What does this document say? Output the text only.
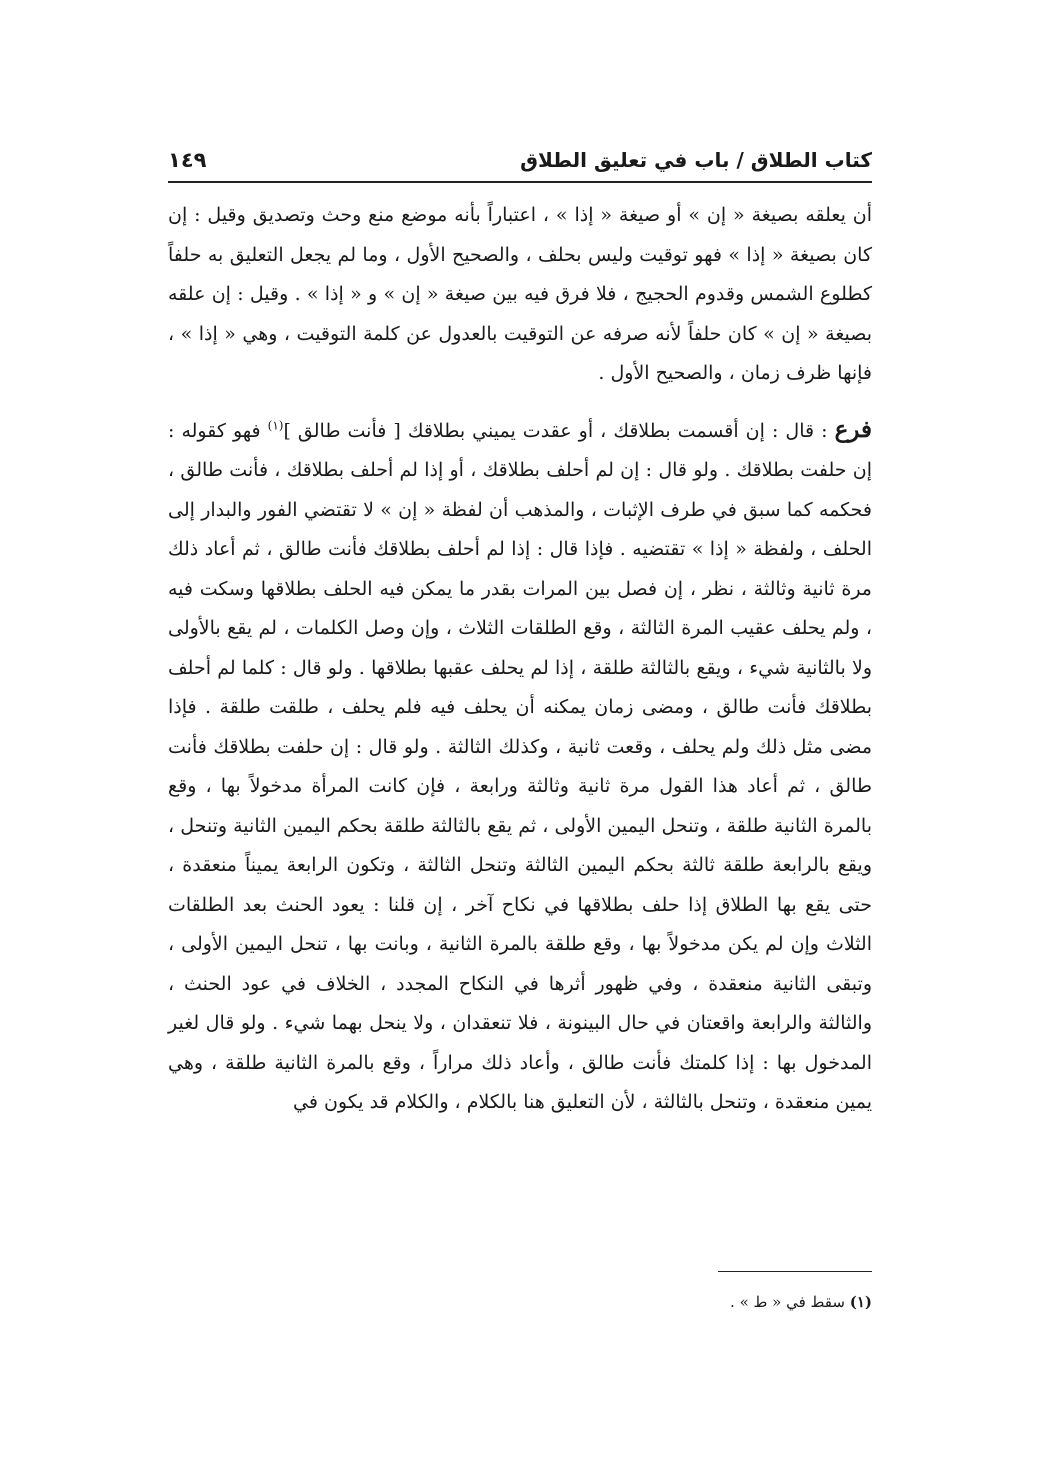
كتاب الطلاق / باب في تعليق الطلاق
١٤٩

أن يعلقه بصيغة « إن » أو صيغة « إذا » ، اعتباراً بأنه موضع منع وحث وتصديق وقيل : إن كان بصيغة « إذا » فهو توقيت وليس بحلف ، والصحيح الأول ، وما لم يجعل التعليق به حلفاً كطلوع الشمس وقدوم الحجيج ، فلا فرق فيه بين صيغة « إن » و « إذا » . وقيل : إن علقه بصيغة « إن » كان حلفاً لأنه صرفه عن التوقيت بالعدول عن كلمة التوقيت ، وهي « إذا » ، فإنها ظرف زمان ، والصحيح الأول .

فرع : قال : إن أقسمت بطلاقك ، أو عقدت يميني بطلاقك [ فأنت طالق ]$^{(١)}$ فهو كقوله : إن حلفت بطلاقك . ولو قال : إن لم أحلف بطلاقك ، أو إذا لم أحلف بطلاقك ، فأنت طالق ، فحكمه كما سبق في طرف الإثبات ، والمذهب أن لفظة « إن » لا تقتضي الفور والبدار إلى الحلف ، ولفظة « إذا » تقتضيه . فإذا قال : إذا لم أحلف بطلاقك فأنت طالق ، ثم أعاد ذلك مرة ثانية وثالثة ، نظر ، إن فصل بين المرات بقدر ما يمكن فيه الحلف بطلاقها وسكت فيه ، ولم يحلف عقيب المرة الثالثة ، وقع الطلقات الثلاث ، وإن وصل الكلمات ، لم يقع بالأولى ولا بالثانية شيء ، ويقع بالثالثة طلقة ، إذا لم يحلف عقبها بطلاقها . ولو قال : كلما لم أحلف بطلاقك فأنت طالق ، ومضى زمان يمكنه أن يحلف فيه فلم يحلف ، طلقت طلقة . فإذا مضى مثل ذلك ولم يحلف ، وقعت ثانية ، وكذلك الثالثة . ولو قال : إن حلفت بطلاقك فأنت طالق ، ثم أعاد هذا القول مرة ثانية وثالثة ورابعة ، فإن كانت المرأة مدخولاً بها ، وقع بالمرة الثانية طلقة ، وتنحل اليمين الأولى ، ثم يقع بالثالثة طلقة بحكم اليمين الثانية وتنحل ، ويقع بالرابعة طلقة ثالثة بحكم اليمين الثالثة وتنحل الثالثة ، وتكون الرابعة يميناً منعقدة ، حتى يقع بها الطلاق إذا حلف بطلاقها في نكاح آخر ، إن قلنا : يعود الحنث بعد الطلقات الثلاث وإن لم يكن مدخولاً بها ، وقع طلقة بالمرة الثانية ، وبانت بها ، تنحل اليمين الأولى ، وتبقى الثانية منعقدة ، وفي ظهور أثرها في النكاح المجدد ، الخلاف في عود الحنث ، والثالثة والرابعة واقعتان في حال البينونة ، فلا تنعقدان ، ولا ينحل بهما شيء . ولو قال لغير المدخول بها : إذا كلمتك فأنت طالق ، وأعاد ذلك مراراً ، وقع بالمرة الثانية طلقة ، وهي يمين منعقدة ، وتنحل بالثالثة ، لأن التعليق هنا بالكلام ، والكلام قد يكون في

(١) سقط في « ط » .
